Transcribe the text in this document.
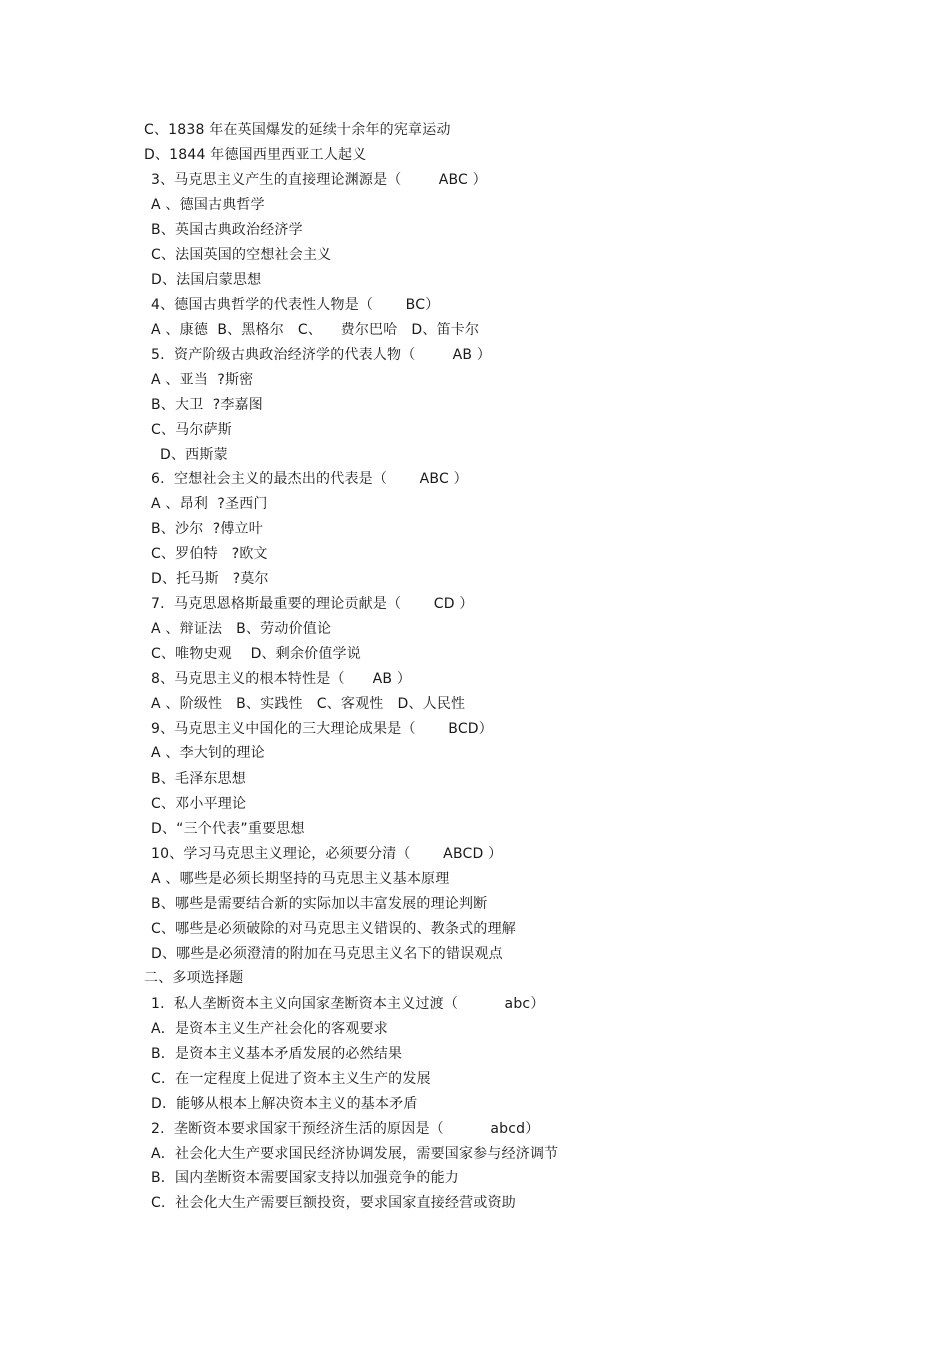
C、1838 年在英国爆发的延续十余年的宪章运动
D、1844 年德国西里西亚工人起义
3、马克思主义产生的直接理论渊源是（        ABC ）
A 、德国古典哲学
B、英国古典政治经济学
C、法国英国的空想社会主义
D、法国启蒙思想
4、德国古典哲学的代表性人物是（       BC）
A 、康德  B、黑格尔   C、    费尔巴哈   D、笛卡尔
5.  资产阶级古典政治经济学的代表人物（        AB ）
A 、亚当  ?斯密
B、大卫  ?李嘉图
C、马尔萨斯
D、西斯蒙
6.  空想社会主义的最杰出的代表是（       ABC ）
A 、昂利  ?圣西门
B、沙尔  ?傅立叶
C、罗伯特   ?欧文
D、托马斯   ?莫尔
7.  马克思恩格斯最重要的理论贡献是（       CD ）
A 、辩证法   B、劳动价值论
C、唯物史观    D、剩余价值学说
8、马克思主义的根本特性是（      AB ）
A 、阶级性   B、实践性   C、客观性   D、人民性
9、马克思主义中国化的三大理论成果是（       BCD）
A 、李大钊的理论
B、毛泽东思想
C、邓小平理论
D、“三个代表”重要思想
10、学习马克思主义理论，必须要分清（       ABCD ）
A 、哪些是必须长期坚持的马克思主义基本原理
B、哪些是需要结合新的实际加以丰富发展的理论判断
C、哪些是必须破除的对马克思主义错误的、教条式的理解
D、哪些是必须澄清的附加在马克思主义名下的错误观点
二、多项选择题
1.  私人垄断资本主义向国家垄断资本主义过渡（          abc）
A．是资本主义生产社会化的客观要求
B．是资本主义基本矛盾发展的必然结果
C．在一定程度上促进了资本主义生产的发展
D．能够从根本上解决资本主义的基本矛盾
2.  垄断资本要求国家干预经济生活的原因是（          abcd）
A．社会化大生产要求国民经济协调发展，需要国家参与经济调节
B．国内垄断资本需要国家支持以加强竞争的能力
C．社会化大生产需要巨额投资，要求国家直接经营或资助
